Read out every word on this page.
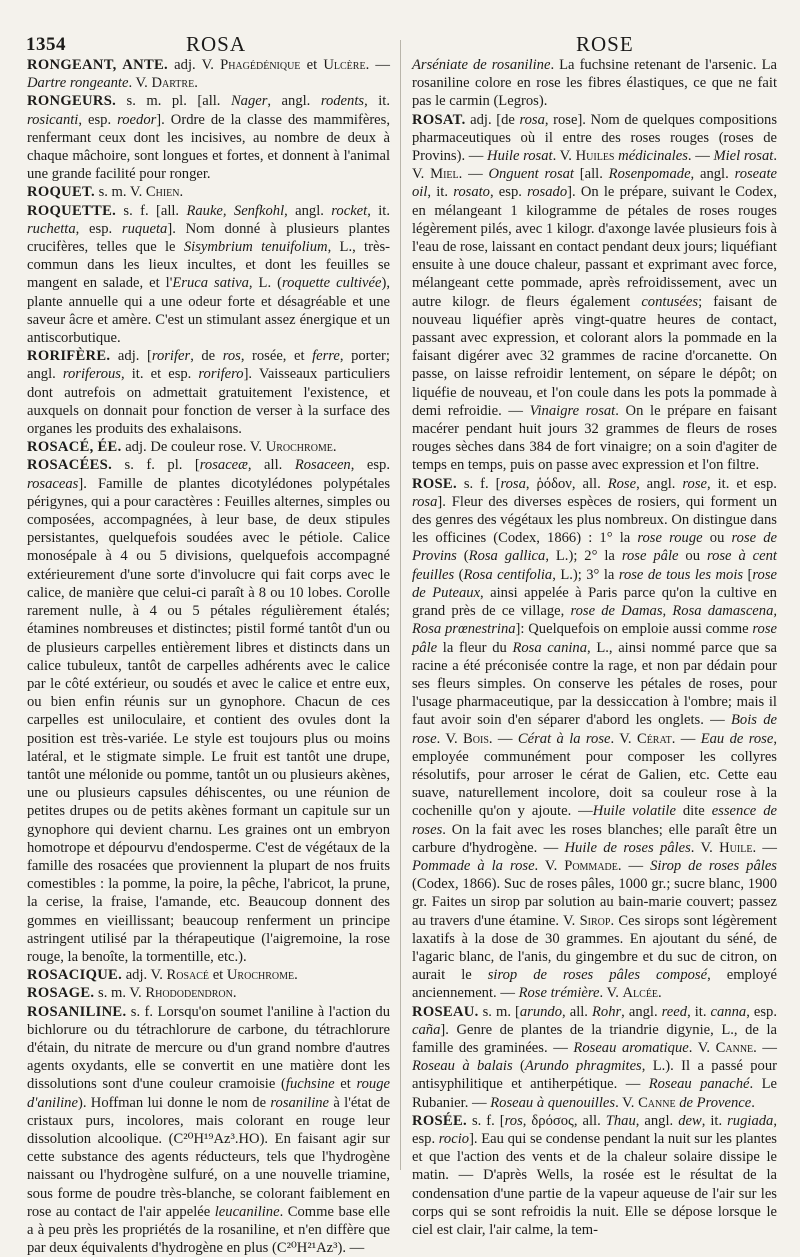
1354	ROSA	ROSE

RONGEANT, ANTE. adj. V. Phagédénique et Ulcère. — Dartre rongeante. V. Dartre.

RONGEURS. s. m. pl. [all. Nager, angl. rodents, it. rosicanti, esp. roedor]. Ordre de la classe des mammifères, renfermant ceux dont les incisives, au nombre de deux à chaque mâchoire, sont longues et fortes, et donnent à l'animal une grande facilité pour ronger.

ROQUET. s. m. V. Chien.

ROQUETTE. s. f. [all. Rauke, Senfkohl, angl. rocket, it. ruchetta, esp. ruqueta]. Nom donné à plusieurs plantes crucifères, telles que le Sisymbrium tenuifolium, L., très-commun dans les lieux incultes, et dont les feuilles se mangent en salade, et l'Eruca sativa, L. (roquette cultivée), plante annuelle qui a une odeur forte et désagréable et une saveur âcre et amère. C'est un stimulant assez énergique et un antiscorbutique.

RORIFÈRE. adj. [rorifer, de ros, rosée, et ferre, porter; angl. roriferous, it. et esp. rorifero]. Vaisseaux particuliers dont autrefois on admettait gratuitement l'existence, et auxquels on donnait pour fonction de verser à la surface des organes les produits des exhalaisons.

ROSACÉ, ÉE. adj. De couleur rose. V. Urochrome.

ROSACÉES. s. f. pl. [rosaceæ, all. Rosaceen, esp. rosaceas]. Famille de plantes dicotylédones polypétales périgynes, qui a pour caractères : Feuilles alternes, simples ou composées, accompagnées, à leur base, de deux stipules persistantes, quelquefois soudées avec le pétiole. Calice monosépale à 4 ou 5 divisions, quelquefois accompagné extérieurement d'une sorte d'involucre qui fait corps avec le calice, de manière que celui-ci paraît à 8 ou 10 lobes. Corolle rarement nulle, à 4 ou 5 pétales régulièrement étalés; étamines nombreuses et distinctes; pistil formé tantôt d'un ou de plusieurs carpelles entièrement libres et distincts dans un calice tubuleux, tantôt de carpelles adhérents avec le calice par le côté extérieur, ou soudés et avec le calice et entre eux, ou bien enfin réunis sur un gynophore. Chacun de ces carpelles est uniloculaire, et contient des ovules dont la position est très-variée. Le style est toujours plus ou moins latéral, et le stigmate simple. Le fruit est tantôt une drupe, tantôt une mélonide ou pomme, tantôt un ou plusieurs akènes, une ou plusieurs capsules déhiscentes, ou une réunion de petites drupes ou de petits akènes formant un capitule sur un gynophore qui devient charnu. Les graines ont un embryon homotrope et dépourvu d'endosperme. C'est de végétaux de la famille des rosacées que proviennent la plupart de nos fruits comestibles : la pomme, la poire, la pêche, l'abricot, la prune, la cerise, la fraise, l'amande, etc. Beaucoup donnent des gommes en vieillissant; beaucoup renferment un principe astringent utilisé par la thérapeutique (l'aigremoine, la rose rouge, la benoîte, la tormentille, etc.).

ROSACIQUE. adj. V. Rosacé et Urochrome.

ROSAGE. s. m. V. Rhododendron.

ROSANILINE. s. f. Lorsqu'on soumet l'aniline à l'action du bichlorure ou du tétrachlorure de carbone, du tétrachlorure d'étain, du nitrate de mercure ou d'un grand nombre d'autres agents oxydants, elle se convertit en une matière dont les dissolutions sont d'une couleur cramoisie (fuchsine et rouge d'aniline). Hoffman lui donne le nom de rosaniline à l'état de cristaux purs, incolores, mais colorant en rouge leur dissolution alcoolique. (C²⁰H¹⁹Az³.HO). En faisant agir sur cette substance des agents réducteurs, tels que l'hydrogène naissant ou l'hydrogène sulfuré, on a une nouvelle triamine, sous forme de poudre très-blanche, se colorant faiblement en rose au contact de l'air appelée leucaniline. Comme base elle a à peu près les propriétés de la rosaniline, et n'en diffère que par deux équivalents d'hydrogène en plus (C²⁰H²¹Az³). —

Arséniate de rosaniline. La fuchsine retenant de l'arsenic. La rosaniline colore en rose les fibres élastiques, ce que ne fait pas le carmin (Legros).

ROSAT. adj. [de rosa, rose]. Nom de quelques compositions pharmaceutiques où il entre des roses rouges (roses de Provins). — Huile rosat. V. Huiles médicinales. — Miel rosat. V. Miel. — Onguent rosat [all. Rosenpomade, angl. roseate oil, it. rosato, esp. rosado]. On le prépare, suivant le Codex, en mélangeant 1 kilogramme de pétales de roses rouges légèrement pilés, avec 1 kilogr. d'axonge lavée plusieurs fois à l'eau de rose, laissant en contact pendant deux jours; liquéfiant ensuite à une douce chaleur, passant et exprimant avec force, mélangeant cette pommade, après refroidissement, avec un autre kilogr. de fleurs également contusées; faisant de nouveau liquéfier après vingt-quatre heures de contact, passant avec expression, et colorant alors la pommade en la faisant digérer avec 32 grammes de racine d'orcanette. On passe, on laisse refroidir lentement, on sépare le dépôt; on liquéfie de nouveau, et l'on coule dans les pots la pommade à demi refroidie. — Vinaigre rosat. On le prépare en faisant macérer pendant huit jours 32 grammes de fleurs de roses rouges sèches dans 384 de fort vinaigre; on a soin d'agiter de temps en temps, puis on passe avec expression et l'on filtre.

ROSE. s. f. [rosa, ῥόδον, all. Rose, angl. rose, it. et esp. rosa]. Fleur des diverses espèces de rosiers, qui forment un des genres des végétaux les plus nombreux. On distingue dans les officines (Codex, 1866) : 1° la rose rouge ou rose de Provins (Rosa gallica, L.); 2° la rose pâle ou rose à cent feuilles (Rosa centifolia, L.); 3° la rose de tous les mois [rose de Puteaux, ainsi appelée à Paris parce qu'on la cultive en grand près de ce village, rose de Damas, Rosa damascena, Rosa prœnestrina]: Quelquefois on emploie aussi comme rose pâle la fleur du Rosa canina, L., ainsi nommé parce que sa racine a été préconisée contre la rage, et non par dédain pour ses fleurs simples. On conserve les pétales de roses, pour l'usage pharmaceutique, par la dessiccation à l'ombre; mais il faut avoir soin d'en séparer d'abord les onglets. — Bois de rose. V. Bois. — Cérat à la rose. V. Cérat. — Eau de rose, employée communément pour composer les collyres résolutifs, pour arroser le cérat de Galien, etc. Cette eau suave, naturellement incolore, doit sa couleur rose à la cochenille qu'on y ajoute. —Huile volatile dite essence de roses. On la fait avec les roses blanches; elle paraît être un carbure d'hydrogène. — Huile de roses pâles. V. Huile. — Pommade à la rose. V. Pommade. — Sirop de roses pâles (Codex, 1866). Suc de roses pâles, 1000 gr.; sucre blanc, 1900 gr. Faites un sirop par solution au bain-marie couvert; passez au travers d'une étamine. V. Sirop. Ces sirops sont légèrement laxatifs à la dose de 30 grammes. En ajoutant du séné, de l'agaric blanc, de l'anis, du gingembre et du suc de citron, on aurait le sirop de roses pâles composé, employé anciennement. — Rose trémière. V. Alcée.

ROSEAU. s. m. [arundo, all. Rohr, angl. reed, it. canna, esp. caña]. Genre de plantes de la triandrie digynie, L., de la famille des graminées. — Roseau aromatique. V. Canne. — Roseau à balais (Arundo phragmites, L.). Il a passé pour antisyphilitique et antiherpétique. — Roseau panaché. Le Rubanier. — Roseau à quenouilles. V. Canne de Provence.

ROSÉE. s. f. [ros, δρόσος, all. Thau, angl. dew, it. rugiada, esp. rocio]. Eau qui se condense pendant la nuit sur les plantes et que l'action des vents et de la chaleur solaire dissipe le matin. — D'après Wells, la rosée est le résultat de la condensation d'une partie de la vapeur aqueuse de l'air sur les corps qui se sont refroidis la nuit. Elle se dépose lorsque le ciel est clair, l'air calme, la tem-
